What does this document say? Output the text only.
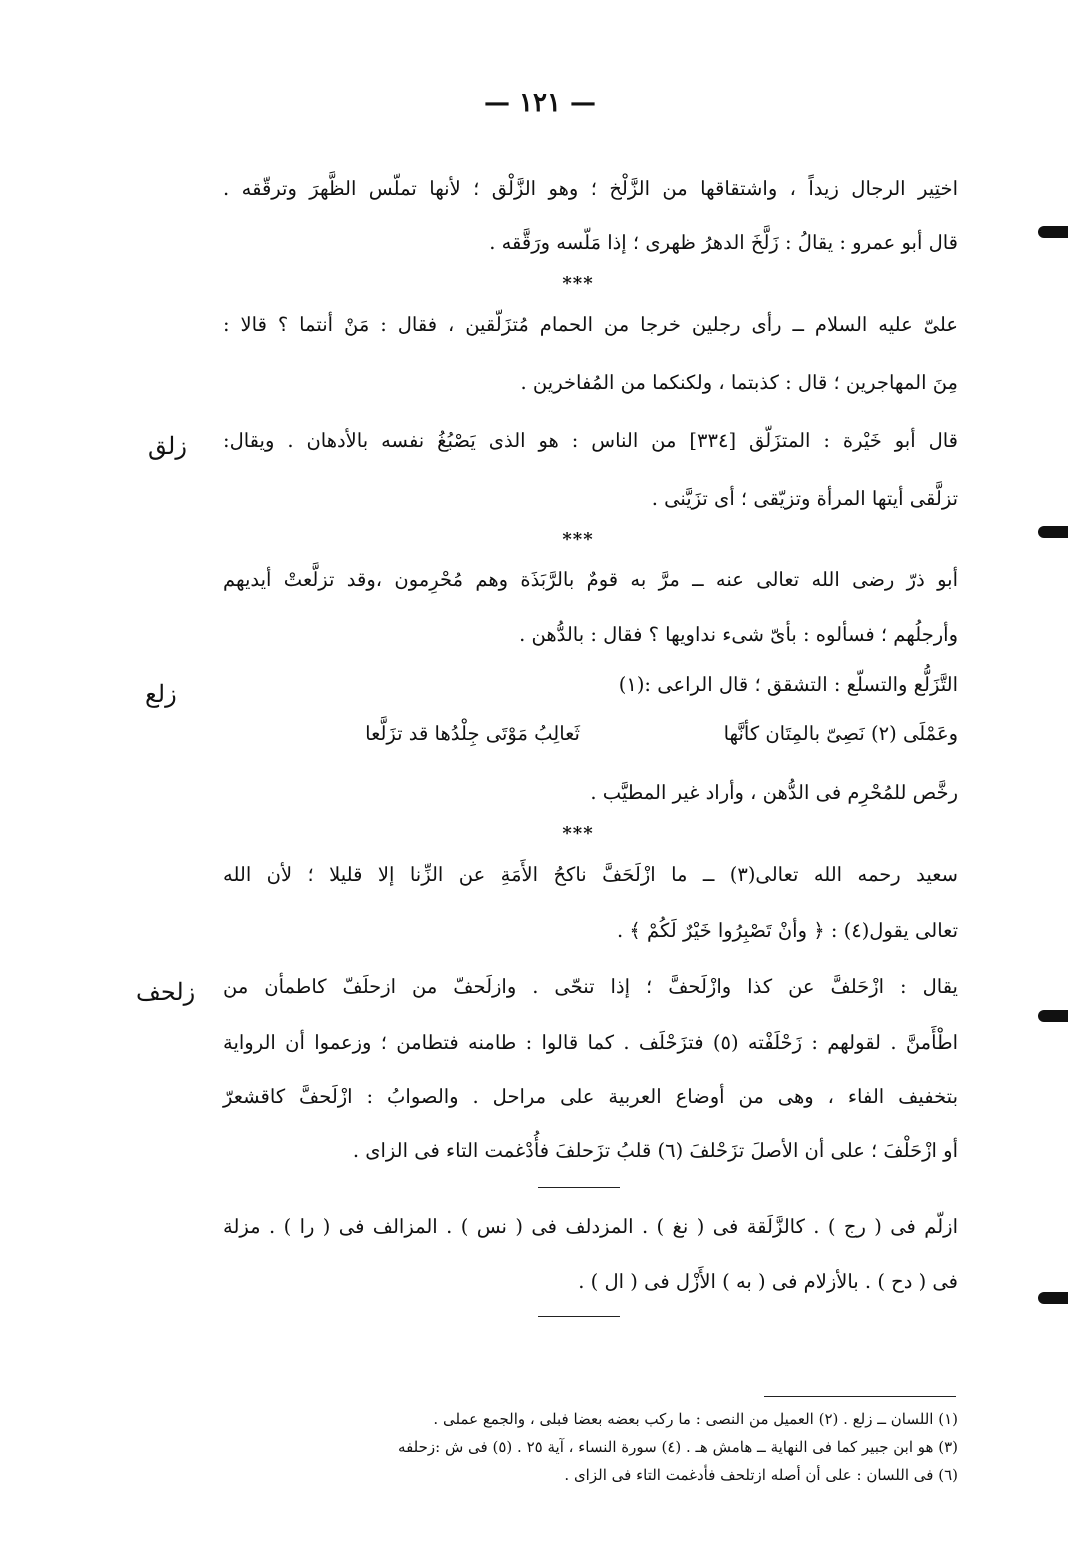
— ١٢١ —
اختِير الرجال زيداً ، واشتقاقها من الزَّلْخ ؛ وهو الزَّلْق ؛ لأنها تملّس الظَّهرَ وترقّقه .
قال أبو عمرو : يقالُ : زَلَّخَ الدهرُ ظهرى ؛ إذا مَلّسه ورَقَّقه .
***
علىّ عليه السلام ــ رأى رجلين خرجا من الحمام مُتزَلّقين ، فقال : مَنْ أنتما ؟ قالا :
مِنَ المهاجرين ؛ قال : كذبتما ، ولكنكما من المُفاخرين .
زلق قال أبو خَيْرة : المتزَلّق [٣٣٤] من الناس : هو الذى يَصْبُغُ نفسه بالأدهان . ويقال:
تزلَّقى أيتها المرأة وتزيّقى ؛ أى تزَيَّنى .
***
أبو ذرّ رضى الله تعالى عنه ــ مرَّ به قومٌ بالرَّبَذَة وهم مُحْرِمون ،وقد تزلَّعتْ أيديهم
وأرجلُهم ؛ فسألوه : بأىّ شىء نداويها ؟ فقال : بالدُّهن .
زلع	التَّزَلُّع والتسلّع : التشقق ؛ قال الراعى :(١)
وعَمْلَى (٢) نَصِىّ بالمِتَان كأنَّها
ثَعالِبُ مَوْتَى جِلْدُها قد تزَلَّعا
رخَّص للمُحْرِم فى الدُّهن ، وأراد غير المطيَّب .
***
سعيد رحمه الله تعالى(٣) ــ ما ازْلَحَفَّ ناكحُ الأَمَةِ عن الزِّنا إلا قليلا ؛ لأن الله
تعالى يقول(٤) : ﴿ وأنْ تَصْبِرُوا خَيْرٌ لَكُمْ ﴾ .
زلحف يقال : ازْحَلفَّ عن كذا وازْلَحفَّ ؛ إذا تنحّى . وازلَحفّ من ازحلَفّ كاطمأن من
اطْأَمنَّ . لقولهم : زَحْلَفْته (٥) فتزَحْلَف . كما قالوا : طامنه فتطامن ؛ وزعموا أن الرواية
بتخفيف الفاء ، وهى من أوضاع العربية على مراحل . والصوابُ : ازْلَحفَّ كاقشعرّ
أو ازْحَلْفَ ؛ على أن الأصلَ تزَحْلفَ (٦) قلبُ تزَحلفَ فأُدْغمت التاء فى الزاى .
ازلّم فى ( رج ) . كالزَّلَقة فى ( نغ ) . المزدلف فى ( نس ) . المزالف فى ( را ) . مزلة
فى ( دح ) . بالأزلام فى ( به ) الأَزْل فى ( ال ) .
(١) اللسان ــ زلع . (٢) العميل من النصى : ما ركب بعضه بعضا فبلى ، والجمع عملى .
(٣) هو ابن جبير كما فى النهاية ــ هامش هـ . (٤) سورة النساء ، آية ٢٥ . (٥) فى ش :زحلفه
(٦) فى اللسان : على أن أصله ازتلحف فأدغمت التاء فى الزاى .
